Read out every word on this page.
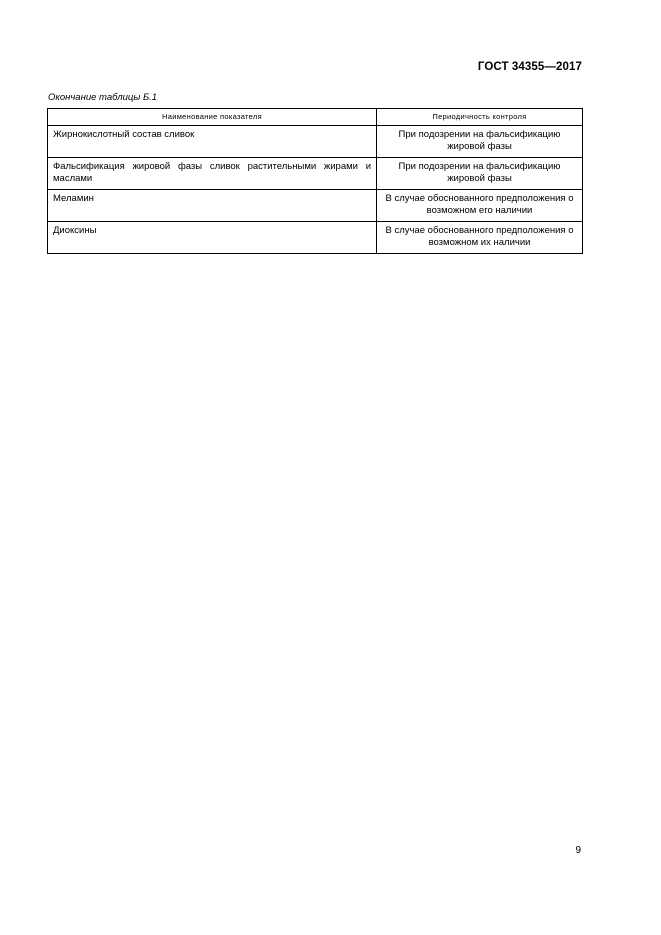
ГОСТ 34355—2017
Окончание таблицы Б.1
Наименование показателя	Периодичность контроля
Жирнокислотный состав сливок	При подозрении на фальсификацию жировой фазы
Фальсификация жировой фазы сливок растительными жирами и маслами	При подозрении на фальсификацию жировой фазы
Меламин	В случае обоснованного предположения о возможном его наличии
Диоксины	В случае обоснованного предположения о возможном их наличии
9
